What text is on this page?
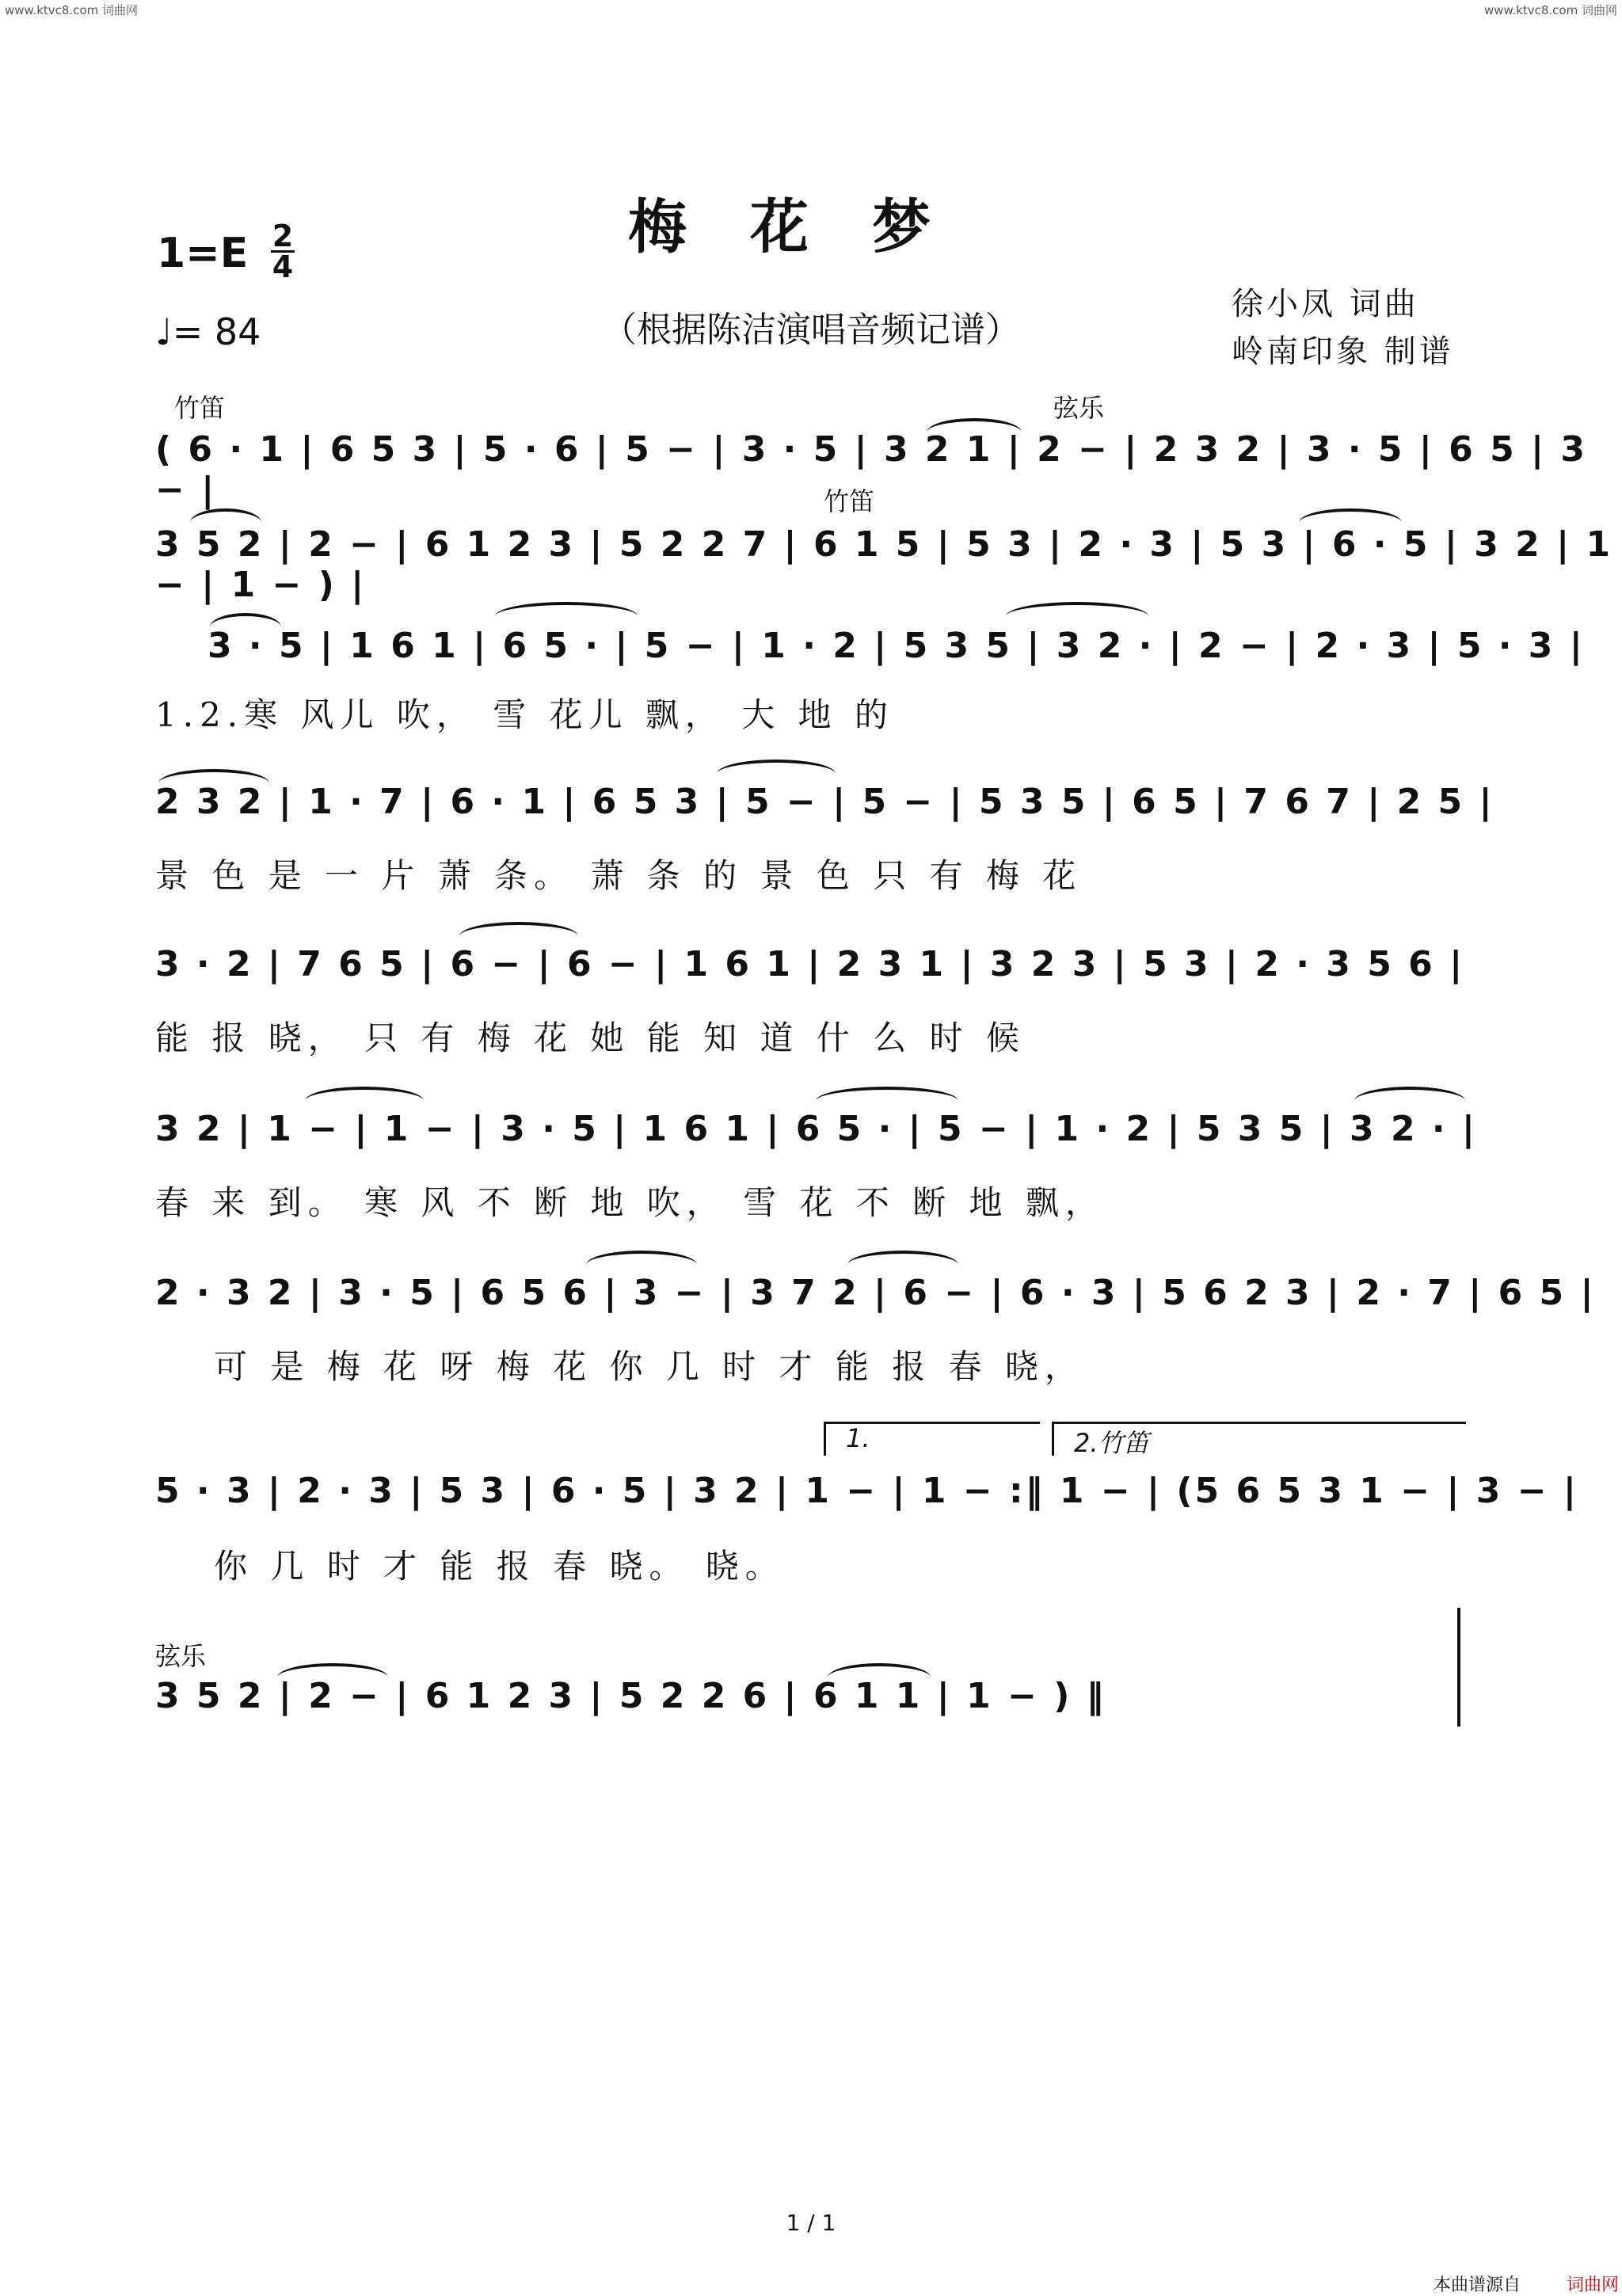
www.ktvc8.com 词曲网	www.ktvc8.com 词曲网
梅花梦
1=E 2
4
♩= 84	（根据陈洁演唱音频记谱）
徐小凤 词曲
岭南印象 制谱
竹笛	弦乐
( 6 · 1 | 6 5 3 | 5 · 6 | 5 − | 3 · 5 | 3 2 1 | 2 − | 2 3 2 | 3 · 5 | 6 5 | 3 − |	竹笛
3 5 2 | 2 − | 6 1 2 3 | 5 2 2 7 | 6 1 5 | 5 3 | 2 · 3 | 5 3 | 6 · 5 | 3 2 | 1 − | 1 − ) |
3 · 5 | 1 6 1 | 6 5 · | 5 − | 1 · 2 | 5 3 5 | 3 2 · | 2 − | 2 · 3 | 5 · 3 |
1.2.寒 风儿 吹， 雪 花儿 飘， 大 地 的
2 3 2 | 1 · 7 | 6 · 1 | 6 5 3 | 5 − | 5 − | 5 3 5 | 6 5 | 7 6 7 | 2 5 |
景 色 是 一 片 萧 条。 萧 条 的 景 色 只 有 梅 花
3 · 2 | 7 6 5 | 6 − | 6 − | 1 6 1 | 2 3 1 | 3 2 3 | 5 3 | 2 · 3 5 6 |
能 报 晓， 只 有 梅 花 她 能 知 道 什 么 时 候
3 2 | 1 − | 1 − | 3 · 5 | 1 6 1 | 6 5 · | 5 − | 1 · 2 | 5 3 5 | 3 2 · |
春 来 到。 寒 风 不 断 地 吹， 雪 花 不 断 地 飘，
2 · 3 2 | 3 · 5 | 6 5 6 | 3 − | 3 7 2 | 6 − | 6 · 3 | 5 6 2 3 | 2 · 7 | 6 5 |
可 是 梅 花 呀 梅 花 你 几 时 才 能 报 春 晓，
1.	2.竹笛
5 · 3 | 2 · 3 | 5 3 | 6 · 5 | 3 2 | 1 − | 1 − :‖ 1 − | (5 6 5 3 1 − | 3 − |
你 几 时 才 能 报 春 晓。 晓。
弦乐
3 5 2 | 2 − | 6 1 2 3 | 5 2 2 6 | 6 1 1 | 1 − ) ‖
1 / 1
本曲谱源自	词曲网
